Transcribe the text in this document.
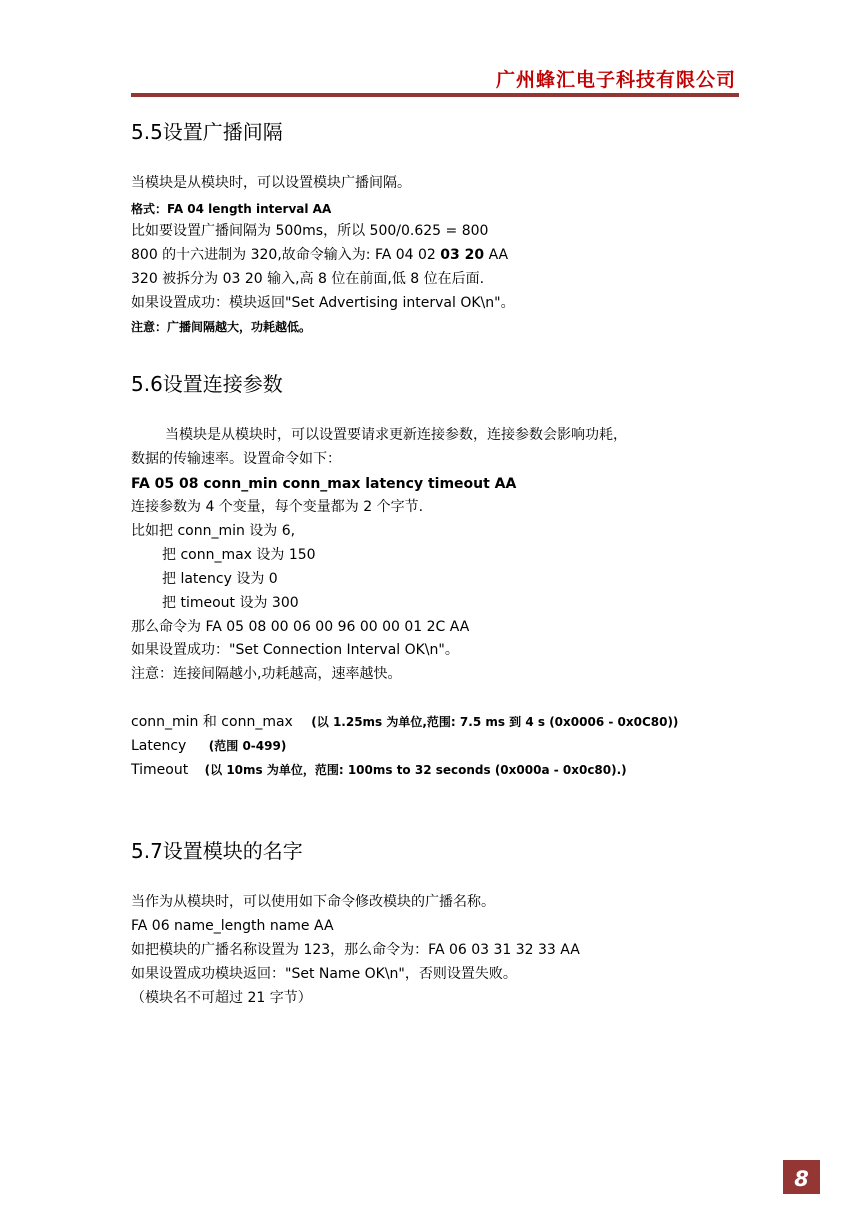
广州蜂汇电子科技有限公司
5.5设置广播间隔
当模块是从模块时，可以设置模块广播间隔。
格式：FA 04 length interval AA
比如要设置广播间隔为 500ms，所以 500/0.625 = 800
800 的十六进制为 320,故命令输入为: FA 04 02 03 20 AA
320 被拆分为 03 20 输入,高 8 位在前面,低 8 位在后面.
如果设置成功：模块返回"Set Advertising interval OK\n"。
注意：广播间隔越大，功耗越低。
5.6设置连接参数
当模块是从模块时，可以设置要请求更新连接参数，连接参数会影响功耗，
数据的传输速率。设置命令如下：
FA 05 08 conn_min conn_max latency timeout AA
连接参数为 4 个变量，每个变量都为 2 个字节.
比如把 conn_min 设为 6,
把 conn_max 设为 150
把 latency 设为 0
把 timeout 设为 300
那么命令为 FA 05 08 00 06 00 96 00 00 01 2C AA
如果设置成功："Set Connection Interval OK\n"。
注意：连接间隔越小,功耗越高，速率越快。
conn_min 和 conn_max (以 1.25ms 为单位,范围: 7.5 ms 到 4 s (0x0006 - 0x0C80))
Latency (范围 0-499)
Timeout (以 10ms 为单位，范围: 100ms to 32 seconds (0x000a - 0x0c80).)
5.7设置模块的名字
当作为从模块时，可以使用如下命令修改模块的广播名称。
FA 06 name_length name AA
如把模块的广播名称设置为 123，那么命令为：FA 06 03 31 32 33 AA
如果设置成功模块返回："Set Name OK\n"，否则设置失败。
（模块名不可超过 21 字节）
8
